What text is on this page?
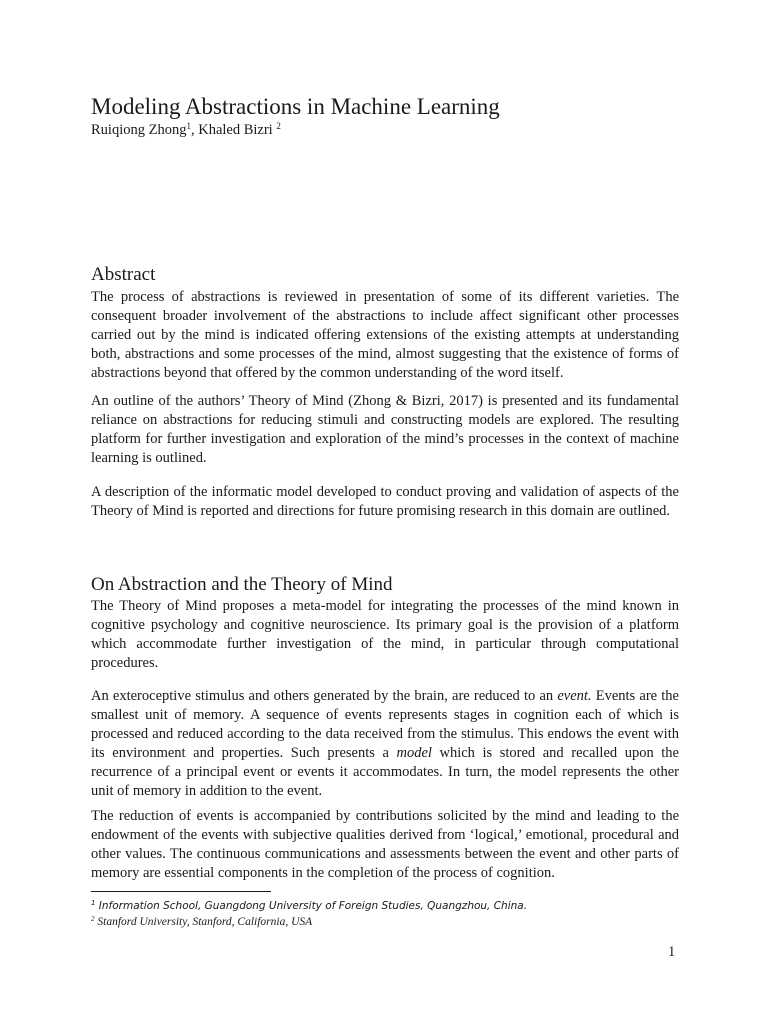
Modeling Abstractions in Machine Learning
Ruiqiong Zhong$^1$, Khaled Bizri $^2$
Abstract

The process of abstractions is reviewed in presentation of some of its different varieties. The consequent broader involvement of the abstractions to include affect significant other processes carried out by the mind is indicated offering extensions of the existing attempts at understanding both, abstractions and some processes of the mind, almost suggesting that the existence of forms of abstractions beyond that offered by the common understanding of the word itself.

An outline of the authors’ Theory of Mind (Zhong & Bizri, 2017) is presented and its fundamental reliance on abstractions for reducing stimuli and constructing models are explored. The resulting platform for further investigation and exploration of the mind’s processes in the context of machine learning is outlined.

A description of the informatic model developed to conduct proving and validation of aspects of the Theory of Mind is reported and directions for future promising research in this domain are outlined.

On Abstraction and the Theory of Mind

The Theory of Mind proposes a meta-model for integrating the processes of the mind known in cognitive psychology and cognitive neuroscience. Its primary goal is the provision of a platform which accommodate further investigation of the mind, in particular through computational procedures.

An exteroceptive stimulus and others generated by the brain, are reduced to an event. Events are the smallest unit of memory. A sequence of events represents stages in cognition each of which is processed and reduced according to the data received from the stimulus. This endows the event with its environment and properties. Such presents a model which is stored and recalled upon the recurrence of a principal event or events it accommodates. In turn, the model represents the other unit of memory in addition to the event.

The reduction of events is accompanied by contributions solicited by the mind and leading to the endowment of the events with subjective qualities derived from ‘logical,’ emotional, procedural and other values. The continuous communications and assessments between the event and other parts of memory are essential components in the completion of the process of cognition.

$^1$ Information School, Guangdong University of Foreign Studies, Quangzhou, China.
$^2$ Stanford University, Stanford, California, USA
1
